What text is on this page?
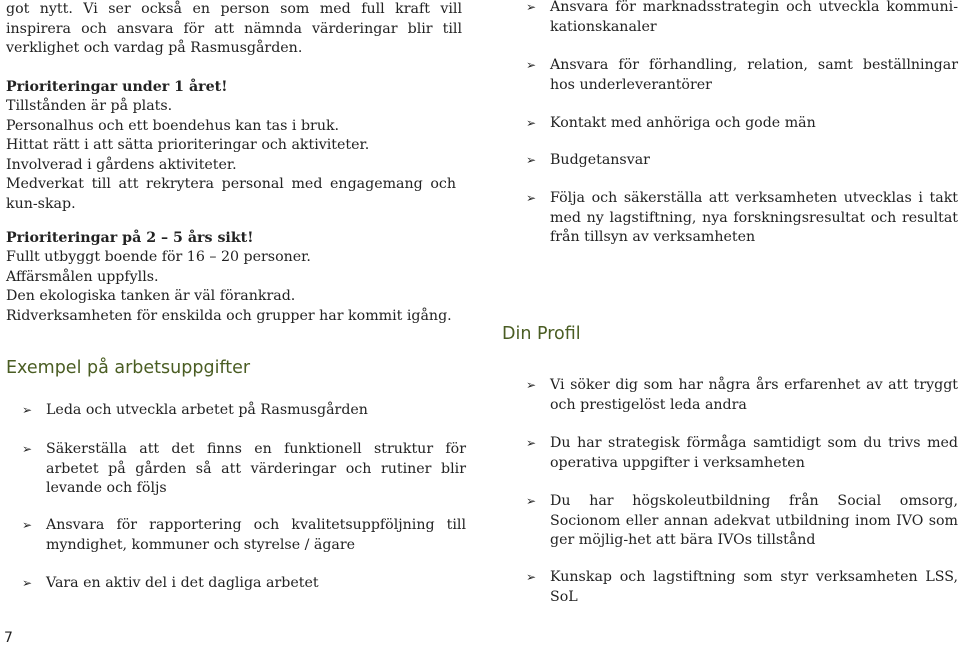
got nytt. Vi ser också en person som med full kraft vill inspirera och ansvara för att nämnda värderingar blir till verklighet och vardag på Rasmusgården.

Prioriteringar under 1 året!
Tillstånden är på plats.
Personalhus och ett boendehus kan tas i bruk.
Hittat rätt i att sätta prioriteringar och aktiviteter.
Involverad i gårdens aktiviteter.
Medverkat till att rekrytera personal med engagemang och kun-skap.
Prioriteringar på 2 – 5 års sikt!
Fullt utbyggt boende för 16 – 20 personer.
Affärsmålen uppfylls.
Den ekologiska tanken är väl förankrad.
Ridverksamheten för enskilda och grupper har kommit igång.
Exempel på arbetsuppgifter
➢ Leda och utveckla arbetet på Rasmusgården
➢ Säkerställa att det finns en funktionell struktur för arbetet på gården så att värderingar och rutiner blir levande och följs
➢ Ansvara för rapportering och kvalitetsuppföljning till myndighet, kommuner och styrelse / ägare
➢ Vara en aktiv del i det dagliga arbetet
➢ Ansvara för marknadsstrategin och utveckla kommuni-kationskanaler
➢ Ansvara för förhandling, relation, samt beställningar hos underleverantörer
➢ Kontakt med anhöriga och gode män
➢ Budgetansvar
➢ Följa och säkerställa att verksamheten utvecklas i takt med ny lagstiftning, nya forskningsresultat och resultat från tillsyn av verksamheten
Din Profil
➢ Vi söker dig som har några års erfarenhet av att tryggt och prestigelöst leda andra
➢ Du har strategisk förmåga samtidigt som du trivs med operativa uppgifter i verksamheten
➢ Du har högskoleutbildning från Social omsorg, Socionom eller annan adekvat utbildning inom IVO som ger möjlig-het att bära IVOs tillstånd
➢ Kunskap och lagstiftning som styr verksamheten LSS, SoL
7
